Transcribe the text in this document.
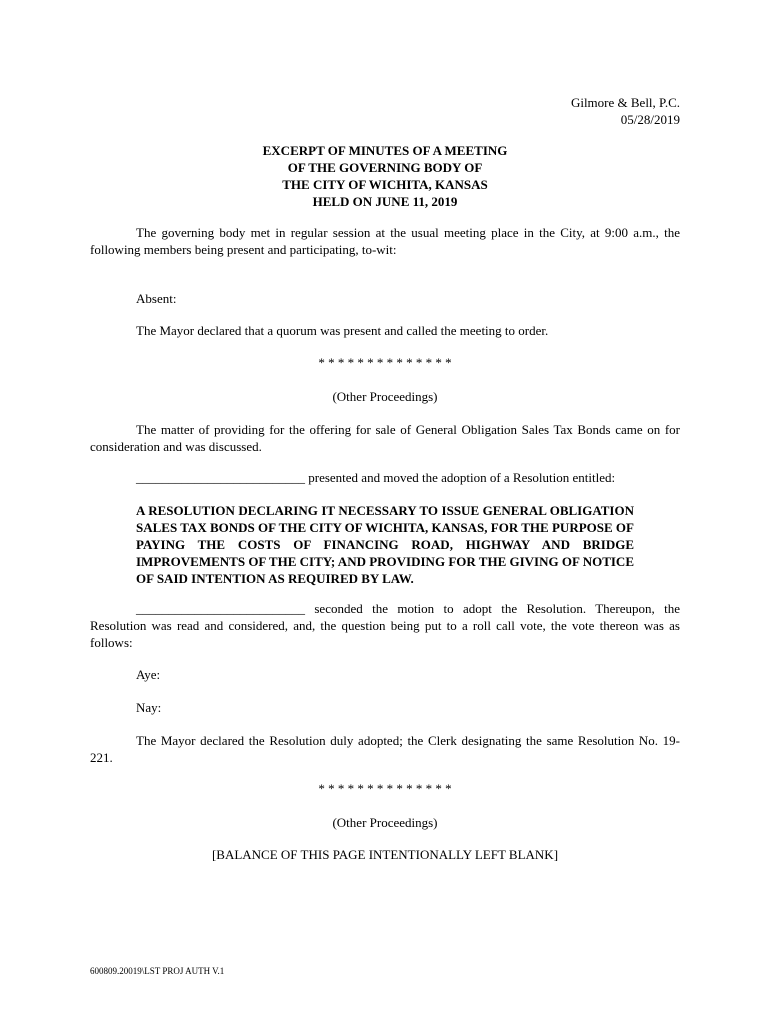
Gilmore & Bell, P.C.
05/28/2019
EXCERPT OF MINUTES OF A MEETING
OF THE GOVERNING BODY OF
THE CITY OF WICHITA, KANSAS
HELD ON JUNE 11, 2019
The governing body met in regular session at the usual meeting place in the City, at 9:00 a.m., the following members being present and participating, to-wit:
Absent:
The Mayor declared that a quorum was present and called the meeting to order.
* * * * * * * * * * * * * *
(Other Proceedings)
The matter of providing for the offering for sale of General Obligation Sales Tax Bonds came on for consideration and was discussed.
__________________________ presented and moved the adoption of a Resolution entitled:
A RESOLUTION DECLARING IT NECESSARY TO ISSUE GENERAL OBLIGATION SALES TAX BONDS OF THE CITY OF WICHITA, KANSAS, FOR THE PURPOSE OF PAYING THE COSTS OF FINANCING ROAD, HIGHWAY AND BRIDGE IMPROVEMENTS OF THE CITY; AND PROVIDING FOR THE GIVING OF NOTICE OF SAID INTENTION AS REQUIRED BY LAW.
__________________________ seconded the motion to adopt the Resolution. Thereupon, the Resolution was read and considered, and, the question being put to a roll call vote, the vote thereon was as follows:
Aye:
Nay:
The Mayor declared the Resolution duly adopted; the Clerk designating the same Resolution No. 19-221.
* * * * * * * * * * * * * *
(Other Proceedings)
[BALANCE OF THIS PAGE INTENTIONALLY LEFT BLANK]
600809.20019\LST PROJ AUTH V.1
